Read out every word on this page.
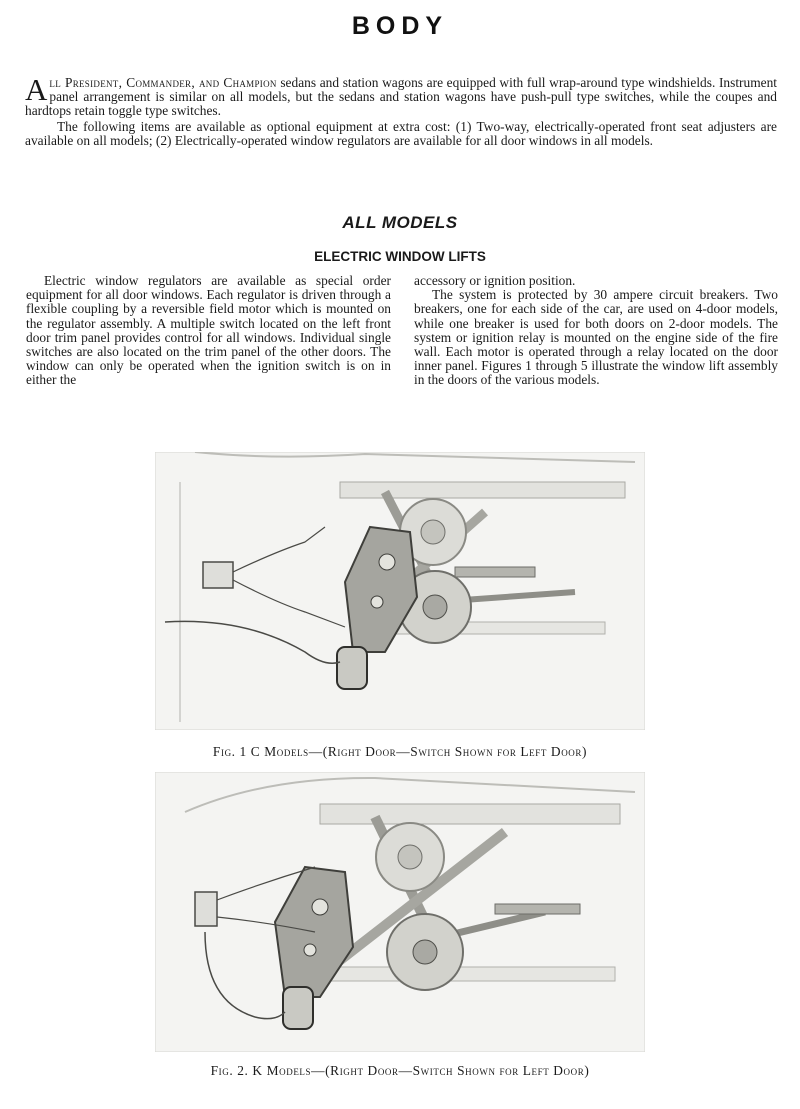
BODY

All President, Commander, and Champion sedans and station wagons are equipped with full wrap-around type windshields. Instrument panel arrangement is similar on all models, but the sedans and station wagons have push-pull type switches, while the coupes and hardtops retain toggle type switches.

The following items are available as optional equipment at extra cost: (1) Two-way, electrically-operated front seat adjusters are available on all models; (2) Electrically-operated window regulators are available for all door windows in all models.

ALL MODELS
ELECTRIC WINDOW LIFTS

Electric window regulators are available as special order equipment for all door windows. Each regulator is driven through a flexible coupling by a reversible field motor which is mounted on the regulator assembly. A multiple switch located on the left front door trim panel provides control for all windows. Individual single switches are also located on the trim panel of the other doors. The window can only be operated when the ignition switch is on in either the

accessory or ignition position.

The system is protected by 30 ampere circuit breakers. Two breakers, one for each side of the car, are used on 4-door models, while one breaker is used for both doors on 2-door models. The system or ignition relay is mounted on the engine side of the fire wall. Each motor is operated through a relay located on the door inner panel. Figures 1 through 5 illustrate the window lift assembly in the doors of the various models.

Fig. 1 C Models—(Right Door—Switch Shown for Left Door)
Fig. 2. K Models—(Right Door—Switch Shown for Left Door)
